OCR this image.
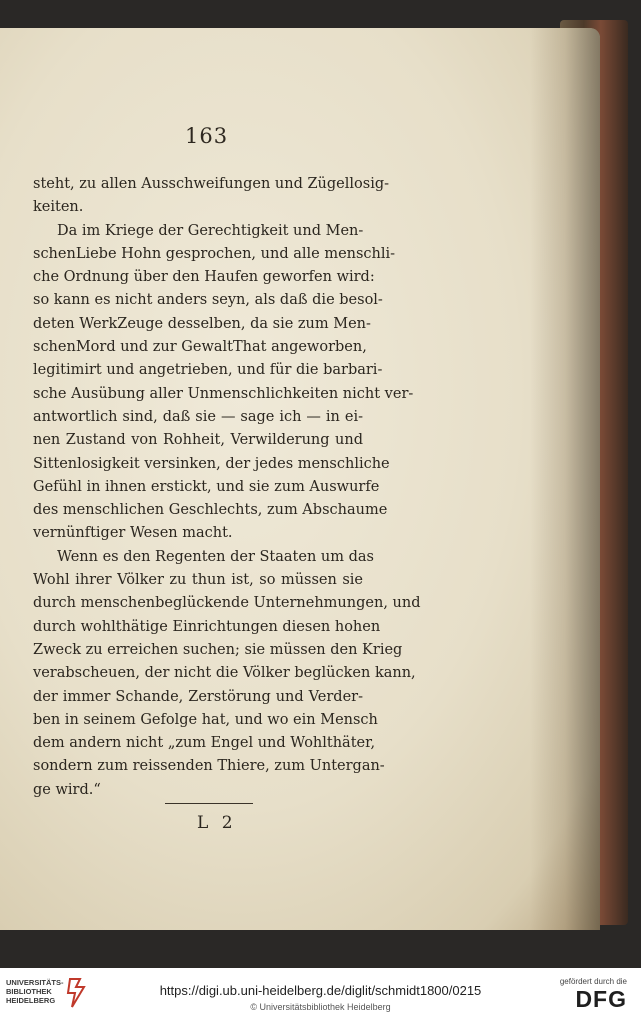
163
steht, zu allen Ausschweifungen und Zügellosig-
keiten.
Da im Kriege der Gerechtigkeit und Men-
schenLiebe Hohn gesprochen, und alle menschli-
che Ordnung über den Haufen geworfen wird:
so kann es nicht anders seyn, als daß die besol-
deten WerkZeuge desselben, da sie zum Men-
schenMord und zur GewaltThat angeworben,
legitimirt und angetrieben, und für die barbari-
sche Ausübung aller Unmenschlichkeiten nicht ver-
antwortlich sind, daß sie — sage ich — in ei-
nen Zustand von Rohheit, Verwilderung und
Sittenlosigkeit versinken, der jedes menschliche
Gefühl in ihnen erstickt, und sie zum Auswurfe
des menschlichen Geschlechts, zum Abschaume
vernünftiger Wesen macht.
Wenn es den Regenten der Staaten um das
Wohl ihrer Völker zu thun ist, so müssen sie
durch menschenbeglückende Unternehmungen, und
durch wohlthätige Einrichtungen diesen hohen
Zweck zu erreichen suchen; sie müssen den Krieg
verabscheuen, der nicht die Völker beglücken kann,
der immer Schande, Zerstörung und Verder-
ben in seinem Gefolge hat, und wo ein Mensch
dem andern nicht „zum Engel und Wohlthäter,
sondern zum reissenden Thiere, zum Untergan-
ge wird.“
L 2
UNIVERSITÄTS-
BIBLIOTHEK
HEIDELBERG
https://digi.ub.uni-heidelberg.de/diglit/schmidt1800/0215
© Universitätsbibliothek Heidelberg
gefördert durch die
DFG
